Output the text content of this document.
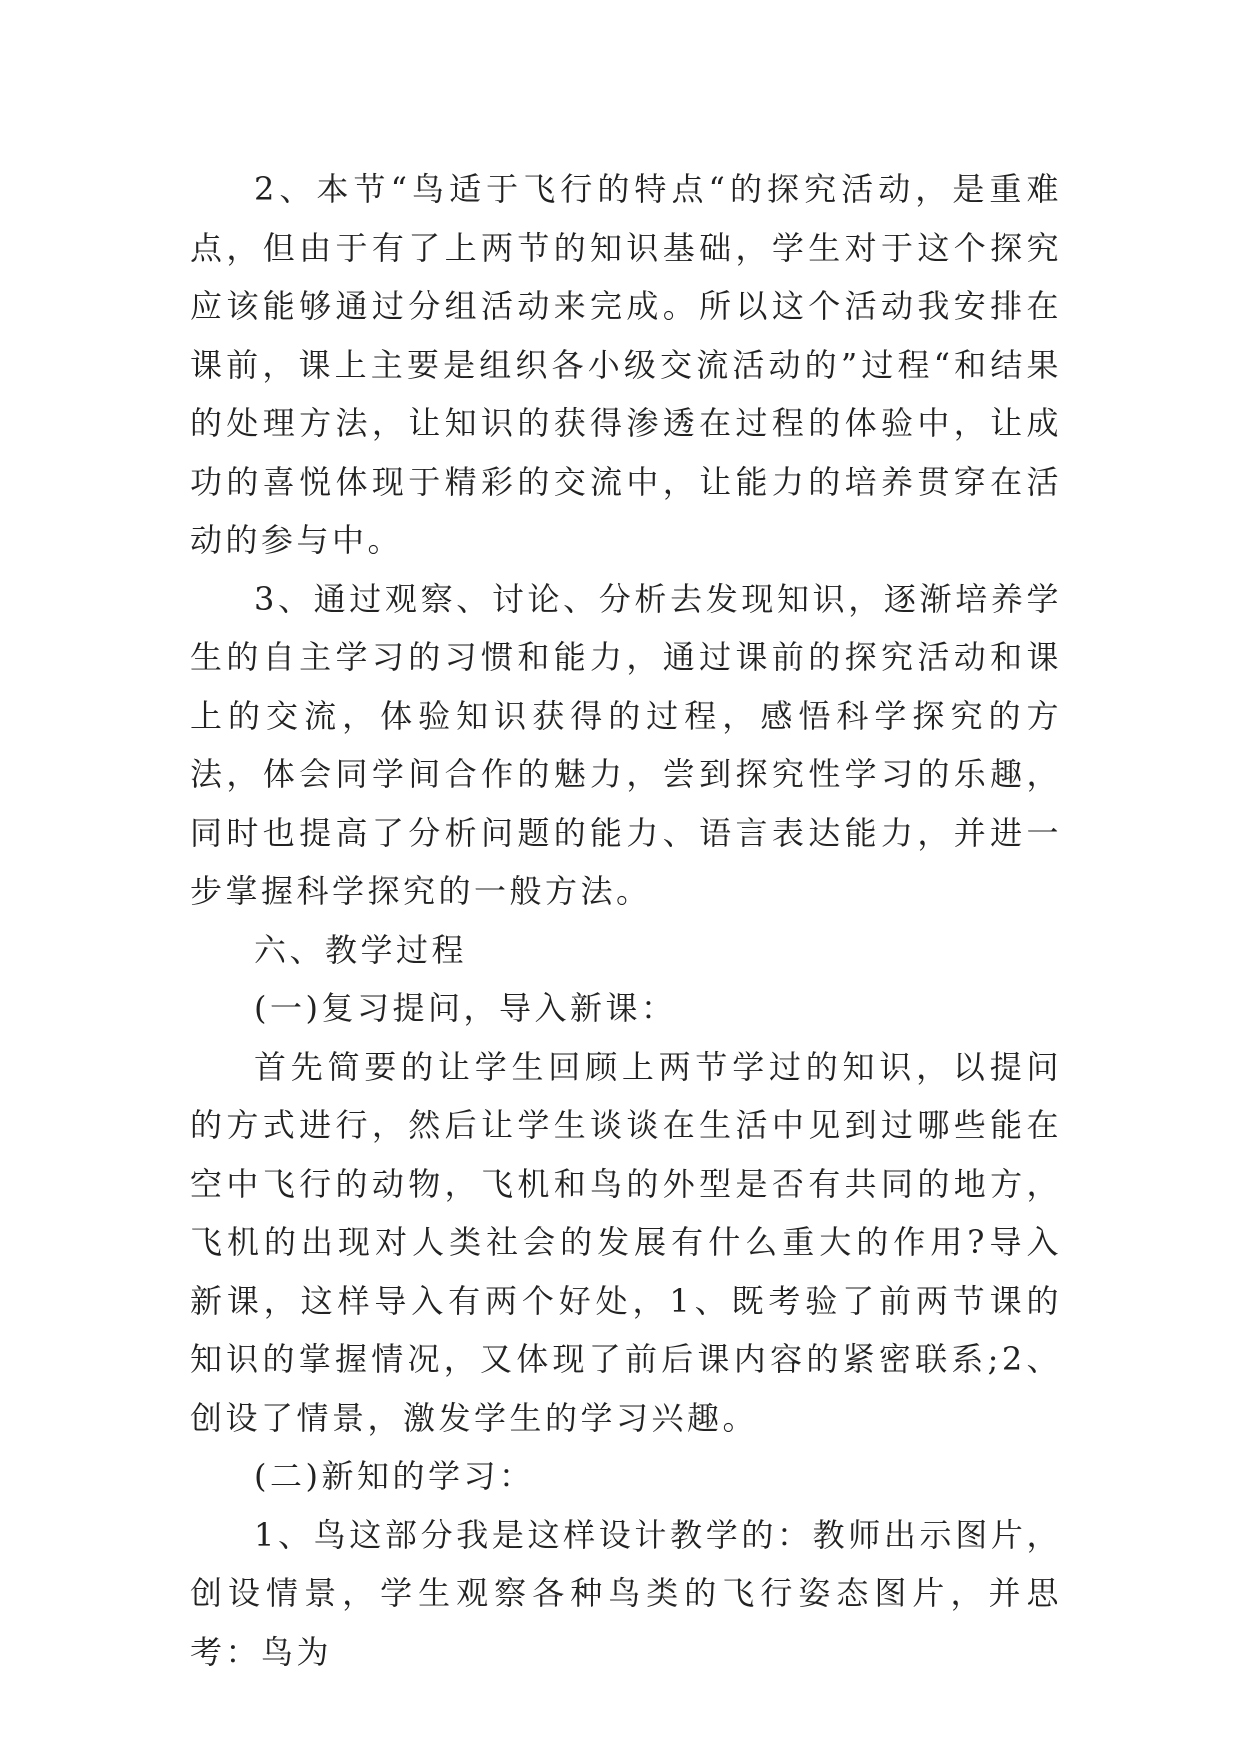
2、本节“鸟适于飞行的特点“的探究活动，是重难点，但由于有了上两节的知识基础，学生对于这个探究应该能够通过分组活动来完成。所以这个活动我安排在课前，课上主要是组织各小级交流活动的”过程“和结果的处理方法，让知识的获得渗透在过程的体验中，让成功的喜悦体现于精彩的交流中，让能力的培养贯穿在活动的参与中。

3、通过观察、讨论、分析去发现知识，逐渐培养学生的自主学习的习惯和能力，通过课前的探究活动和课上的交流，体验知识获得的过程，感悟科学探究的方法，体会同学间合作的魅力，尝到探究性学习的乐趣，同时也提高了分析问题的能力、语言表达能力，并进一步掌握科学探究的一般方法。

六、教学过程

(一)复习提问，导入新课：

首先简要的让学生回顾上两节学过的知识，以提问的方式进行，然后让学生谈谈在生活中见到过哪些能在空中飞行的动物，飞机和鸟的外型是否有共同的地方，飞机的出现对人类社会的发展有什么重大的作用?导入新课，这样导入有两个好处，1、既考验了前两节课的知识的掌握情况，又体现了前后课内容的紧密联系;2、创设了情景，激发学生的学习兴趣。

(二)新知的学习：

1、鸟这部分我是这样设计教学的：教师出示图片，创设情景，学生观察各种鸟类的飞行姿态图片，并思考：鸟为
